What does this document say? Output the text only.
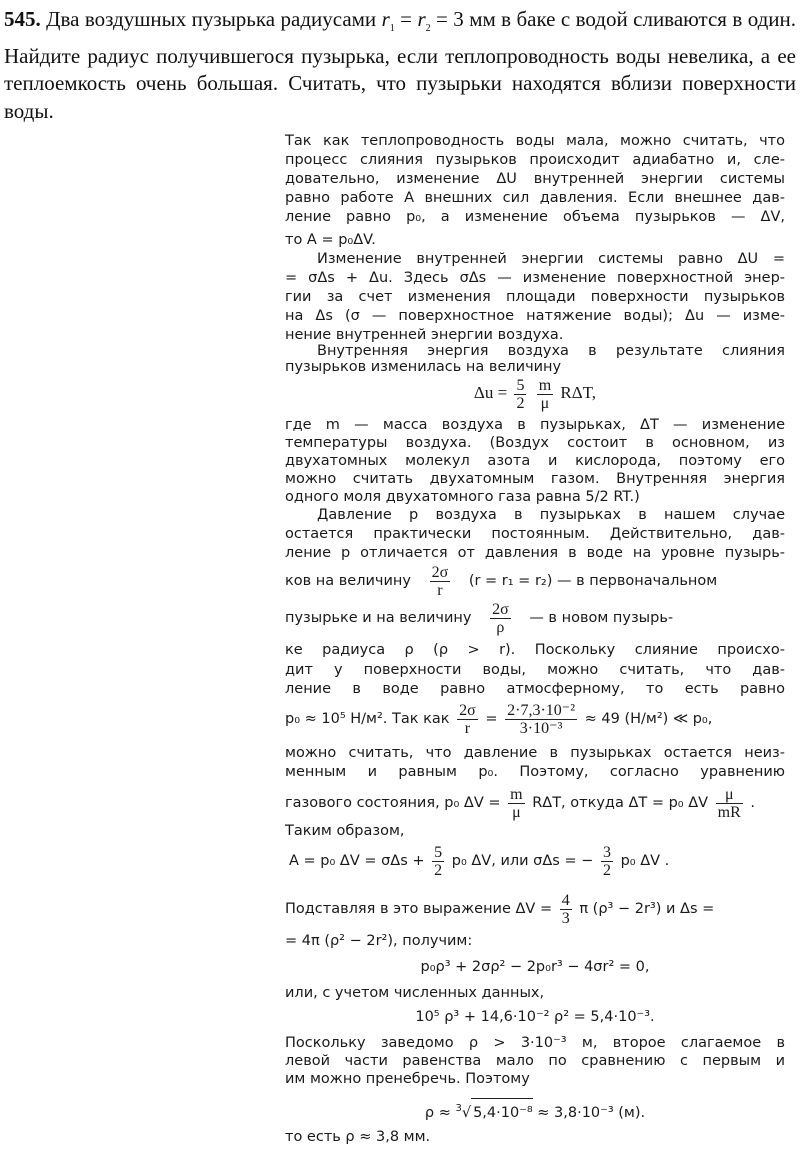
545. Два воздушных пузырька радиусами $r_1 = r_2 = 3$ мм в баке с водой сливаются в один. Найдите радиус получившегося пузырька, если теплопроводность воды невелика, а ее теплоемкость очень большая. Считать, что пузырьки находятся вблизи поверхности воды.
Так как теплопроводность воды мала, можно считать, что
процесс слияния пузырьков происходит адиабатно и, сле-
довательно, изменение ΔU внутренней энергии системы
равно работе A внешних сил давления. Если внешнее дав-
ление равно p₀, а изменение объема пузырьков — ΔV,
то A = p₀ΔV.
Изменение внутренней энергии системы равно ΔU =
= σΔs + Δu. Здесь σΔs — изменение поверхностной энер-
гии за счет изменения площади поверхности пузырьков
на Δs (σ — поверхностное натяжение воды); Δu — изме-
нение внутренней энергии воздуха.
Внутренняя энергия воздуха в результате слияния
пузырьков изменилась на величину
$\Delta u = \frac{5}{2}$
$\frac{m}{\mu} R\Delta T$,
где m — масса воздуха в пузырьках, ΔT — изменение
температуры воздуха. (Воздух состоит в основном, из
двухатомных молекул азота и кислорода, поэтому его
можно считать двухатомным газом. Внутренняя энергия
одного моля двухатомного газа равна 5/2 RT.)
Давление p воздуха в пузырьках в нашем случае
остается практически постоянным. Действительно, дав-
ление p отличается от давления в воде на уровне пузырь-
ков на величину $\frac{2\sigma}{r} (r = r_1 = r_2)$ — в первоначальном
пузырьке и на величину $\frac{2\sigma}{\rho}$ — в новом пузырь-
ке радиуса ρ (ρ > r). Поскольку слияние происхо-
дит у поверхности воды, можно считать, что дав-
ление в воде равно атмосферному, то есть равно
p₀ ≈ 10⁵ Н/м². Так как $\frac{2\sigma}{r} = \frac{\text{2·7,3·10⁻²}}{\text{3·10⁻³}} \approx 49$ (Н/м²) ≪ p₀,
можно считать, что давление в пузырьках остается неиз-
менным и равным p₀. Поэтому, согласно уравнению
газового состояния, p₀ $\Delta V = \frac{m}{\mu} R\Delta T$, откуда ΔT = p₀ ΔV $\frac{\mu}{mR}$ .
Таким образом,
A = p₀ $\Delta V = \sigma\Delta s + \frac{5}{2} p_0$ ΔV, или σΔs = − $\frac{3}{2} p_0$ ΔV .
Подставляя в это выражение $\Delta V = \frac{4}{3}$ π (ρ³ − 2r³) и Δs =
= 4π (ρ² − 2r²), получим:
p₀ρ³ + 2σρ² − 2p₀r³ − 4σr² = 0,
или, с учетом численных данных,
10⁵ ρ³ + 14,6·10⁻² ρ² = 5,4·10⁻³.
Поскольку заведомо ρ > 3·10⁻³ м, второе слагаемое в
левой части равенства мало по сравнению с первым и
им можно пренебречь. Поэтому
ρ ≈ $^3$√ 5,4·10⁻⁸ ≈ 3,8·10⁻³ (м).
то есть ρ ≈ 3,8 мм.
